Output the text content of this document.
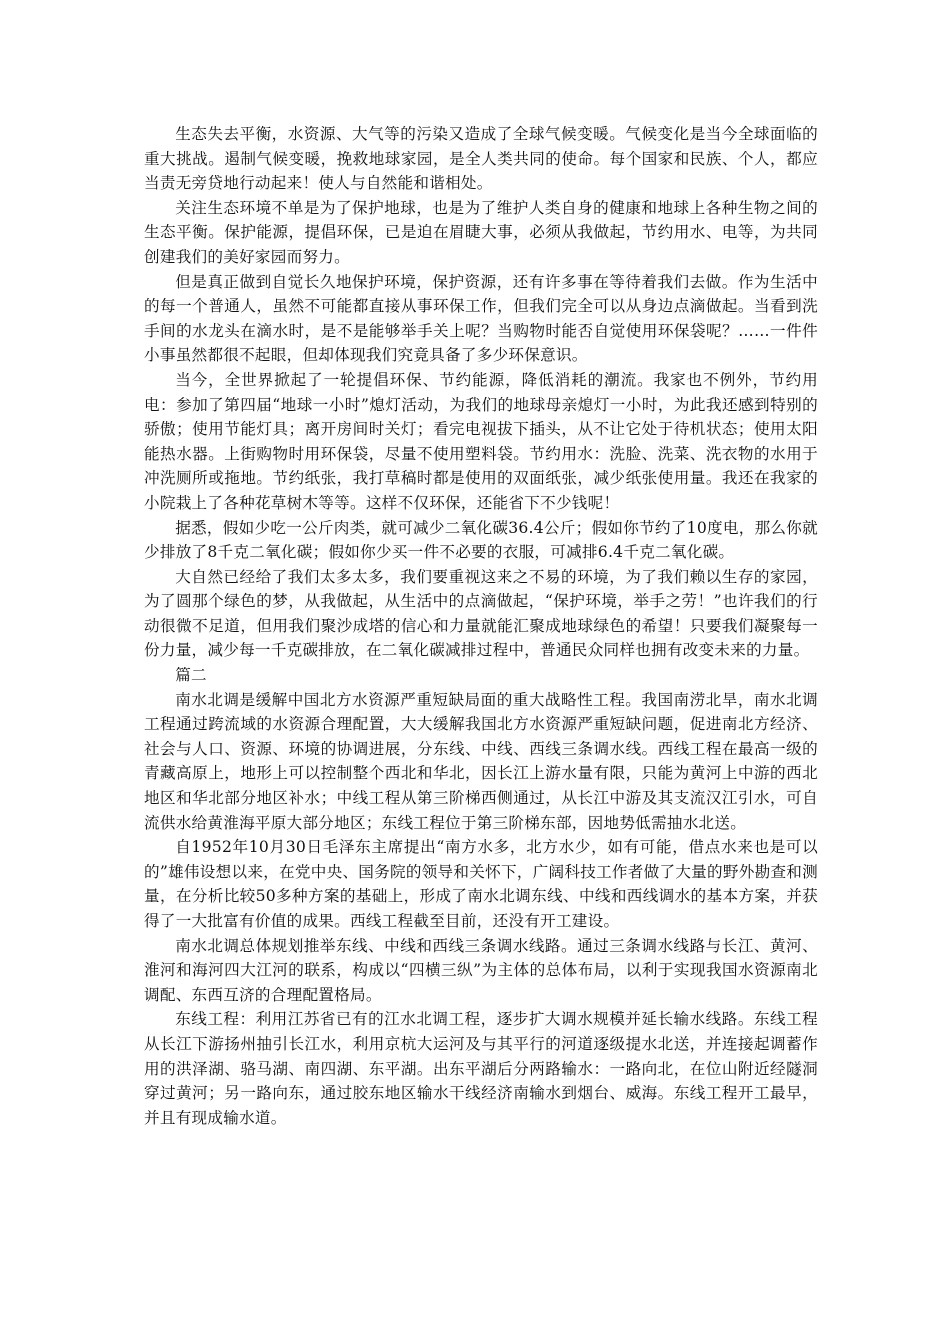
生态失去平衡，水资源、大气等的污染又造成了全球气候变暖。气候变化是当今全球面临的重大挑战。遏制气候变暖，挽救地球家园，是全人类共同的使命。每个国家和民族、个人，都应当责无旁贷地行动起来！使人与自然能和谐相处。

关注生态环境不单是为了保护地球，也是为了维护人类自身的健康和地球上各种生物之间的生态平衡。保护能源，提倡环保，已是迫在眉睫大事，必须从我做起，节约用水、电等，为共同创建我们的美好家园而努力。

但是真正做到自觉长久地保护环境，保护资源，还有许多事在等待着我们去做。作为生活中的每一个普通人，虽然不可能都直接从事环保工作，但我们完全可以从身边点滴做起。当看到洗手间的水龙头在滴水时，是不是能够举手关上呢？当购物时能否自觉使用环保袋呢？……一件件小事虽然都很不起眼，但却体现我们究竟具备了多少环保意识。

当今，全世界掀起了一轮提倡环保、节约能源，降低消耗的潮流。我家也不例外，节约用电：参加了第四届“地球一小时”熄灯活动，为我们的地球母亲熄灯一小时，为此我还感到特别的骄傲；使用节能灯具；离开房间时关灯；看完电视拔下插头，从不让它处于待机状态；使用太阳能热水器。上街购物时用环保袋，尽量不使用塑料袋。节约用水：洗脸、洗菜、洗衣物的水用于冲洗厕所或拖地。节约纸张，我打草稿时都是使用的双面纸张，减少纸张使用量。我还在我家的小院栽上了各种花草树木等等。这样不仅环保，还能省下不少钱呢！

据悉，假如少吃一公斤肉类，就可减少二氧化碳36.4公斤；假如你节约了10度电，那么你就少排放了8千克二氧化碳；假如你少买一件不必要的衣服，可减排6.4千克二氧化碳。

大自然已经给了我们太多太多，我们要重视这来之不易的环境，为了我们赖以生存的家园，为了圆那个绿色的梦，从我做起，从生活中的点滴做起，“保护环境，举手之劳！”也许我们的行动很微不足道，但用我们聚沙成塔的信心和力量就能汇聚成地球绿色的希望！只要我们凝聚每一份力量，减少每一千克碳排放，在二氧化碳减排过程中，普通民众同样也拥有改变未来的力量。

篇二

南水北调是缓解中国北方水资源严重短缺局面的重大战略性工程。我国南涝北旱，南水北调工程通过跨流域的水资源合理配置，大大缓解我国北方水资源严重短缺问题，促进南北方经济、社会与人口、资源、环境的协调进展，分东线、中线、西线三条调水线。西线工程在最高一级的青藏高原上，地形上可以控制整个西北和华北，因长江上游水量有限，只能为黄河上中游的西北地区和华北部分地区补水；中线工程从第三阶梯西侧通过，从长江中游及其支流汉江引水，可自流供水给黄淮海平原大部分地区；东线工程位于第三阶梯东部，因地势低需抽水北送。

自1952年10月30日毛泽东主席提出“南方水多，北方水少，如有可能，借点水来也是可以的”雄伟设想以来，在党中央、国务院的领导和关怀下，广阔科技工作者做了大量的野外勘查和测量，在分析比较50多种方案的基础上，形成了南水北调东线、中线和西线调水的基本方案，并获得了一大批富有价值的成果。西线工程截至目前，还没有开工建设。

南水北调总体规划推举东线、中线和西线三条调水线路。通过三条调水线路与长江、黄河、淮河和海河四大江河的联系，构成以“四横三纵”为主体的总体布局，以利于实现我国水资源南北调配、东西互济的合理配置格局。

东线工程：利用江苏省已有的江水北调工程，逐步扩大调水规模并延长输水线路。东线工程从长江下游扬州抽引长江水，利用京杭大运河及与其平行的河道逐级提水北送，并连接起调蓄作用的洪泽湖、骆马湖、南四湖、东平湖。出东平湖后分两路输水：一路向北，在位山附近经隧洞穿过黄河；另一路向东，通过胶东地区输水干线经济南输水到烟台、威海。东线工程开工最早，并且有现成输水道。
